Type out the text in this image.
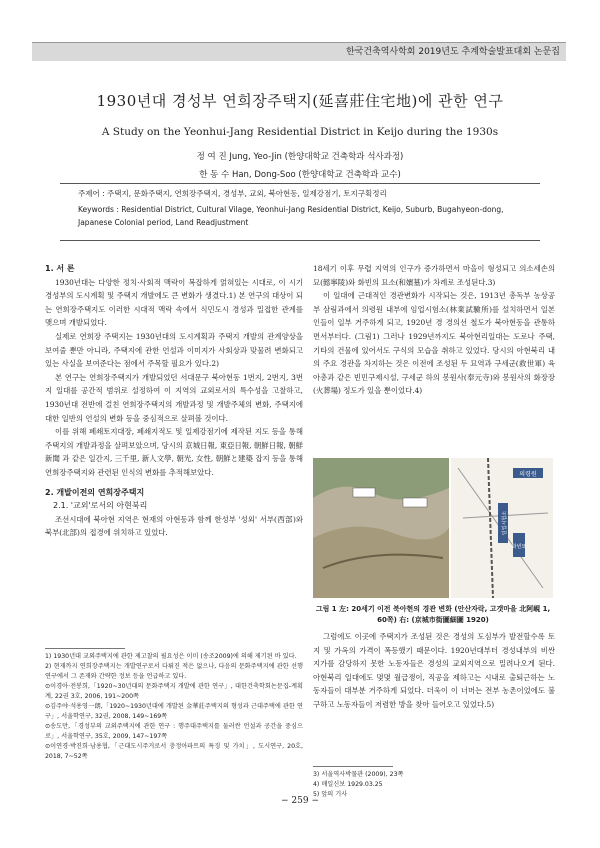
한국건축역사학회 2019년도 추계학술발표대회 논문집
1930년대 경성부 연희장주택지(延喜莊住宅地)에 관한 연구
A Study on the Yeonhui-Jang Residential District in Keijo during the 1930s
정 여 진 Jung, Yeo-Jin (한양대학교 건축학과 석사과정)
한 동 수 Han, Dong-Soo (한양대학교 건축학과 교수)
주제어 : 주택지, 문화주택지, 연희장주택지, 경성부, 교외, 북아현동, 일제강점기, 토지구획정리
Keywords : Residential District, Cultural Vilage, Yeonhui-Jang Residential District, Keijo, Suburb, Bugahyeon-dong, Japanese Colonial period, Land Readjustment

1. 서 론

1930년대는 다양한 정치·사회적 맥락이 복잡하게 얽혀있는 시대로, 이 시기 경성부의 도시계획 및 주택지 개발에도 큰 변화가 생겼다.1) 본 연구의 대상이 되는 연희장주택지도 이러한 시대적 맥락 속에서 식민도시 경성과 밀접한 관계를 맺으며 개발되었다.

실제로 연희장 주택지는 1930년대의 도시계획과 주택지 개발의 관계양상을 보여줄 뿐만 아니라, 주택지에 관한 언설과 이미지가 사회상과 맞물려 변화되고 있는 사실을 보여준다는 점에서 주목할 필요가 있다.2)

본 연구는 연희장주택지가 개발되었던 서대문구 북아현동 1번지, 2번지, 3번지 일대를 공간적 범위로 설정하여 이 지역의 교외로서의 특수성을 고찰하고, 1930년대 전반에 걸친 연희장주택지의 개발과정 및 개발주체의 변화, 주택지에 대한 일반의 언설의 변화 등을 중심적으로 살펴볼 것이다.

이를 위해 폐쇄토지대장, 폐쇄지적도 및 일제강점기에 제작된 지도 등을 통해 주택지의 개발과정을 살펴보았으며, 당시의 京城日報, 東亞日報, 朝鮮日報, 朝鮮新聞 과 같은 일간지, 三千里, 新人文學, 朝光, 女性, 朝鮮と建築 잡지 등을 통해 연희장주택지와 관련된 인식의 변화를 추적해보았다.

2. 개발이전의 연희장주택지

2.1. '교외'로서의 아현북리

조선시대에 북아현 지역은 현재의 아현동과 함께 한성부 '성외' 서부(西部)와 북부(北部)의 접경에 위치하고 있었다.

1) 1930년대 교외주택지에 관한 제고찰의 필요성은 이미 (송조2009)에 의해 제기된 바 있다.
2) 현재까지 연희장주택지는 개발연구로서 다뤄진 적은 없으나, 다음의 문화주택지에 관한 선행연구에서 그 존재와 간략한 정보 등을 언급하고 있다.
⊙이경아·전봉희,「1920~30년대의 문화주택지 개발에 관한 연구」, 대한건축학회논문집-계획계, 22권 3호, 2006, 191~200쪽
⊙김주야·석용영一朗,「1920~1930년대에 개발된 金華莊주택지의 형성과 근대주택에 관한 연구」, 서울학연구, 32권, 2008, 149~169쪽
⊙송도만,「경성부의 교외주택지에 관한 연구 : 행주대주택지를 둘러싼 언설과 공간을 중심으로」, 서울학연구, 35호, 2009, 147~197쪽
⊙이연경·박진희·남용협,「근대도시주거로서 충정아파트의 특징 및 가치」, 도시연구, 20호, 2018, 7~52쪽

18세기 이후 무렵 지역의 인구가 증가하면서 마을이 형성되고 의소세손의 묘(懿寧陵)와 화빈의 묘소(和嬪墓)가 차례로 조성된다.3)

이 일대에 근대적인 경관변화가 시작되는 것은, 1913년 총독부 농상공부 삼림과에서 의령원 내부에 임업시험소(林業試驗所)를 설치하면서 일본인들이 일부 거주하게 되고, 1920년 경 경의선 철도가 북아현동을 관통하면서부터다. (그림1) 그러나 1929년까지도 북아현리일대는 도로나 주택, 기타의 건물에 있어서도 구식의 모습을 취하고 있었다. 당시의 아현북리 내의 주요 경관을 차지하는 것은 이전에 조성된 두 묘역과 구세군(救世軍) 육아총과 같은 빈민구제시설, 구세군 하의 봉원사(奉元寺)와 봉원사의 화장장(火葬場) 정도가 있을 뿐이었다.4)

의령원
임업시험소
화빈묘
그림 1 左: 20세기 이전 북아현의 경관 변화 (안산자락, 고갯마을 北阿峴 1, 60쪽) 右: (京城市街圖細圖 1920)

그럼에도 이곳에 주택지가 조성된 것은 경성의 도심부가 발전할수록 토지 및 가옥의 가격이 폭등했기 때문이다. 1920년대부터 경성내부의 비싼 지가를 감당하지 못한 노동자들은 경성의 교외지역으로 밀려나오게 된다. 아현북리 일대에도 몇몇 월급쟁이, 직공을 제하고는 시내로 출퇴근하는 노동자들이 대부분 거주하게 되었다. 더욱이 이 너머는 전부 농촌이었에도 불구하고 노동자들이 저렴한 방을 찾아 들어오고 있었다.5)

3) 서울역사박물관 (2009), 23쪽
4) 매일신보 1929.03.25
5) 앞의 기사
− 259 −
